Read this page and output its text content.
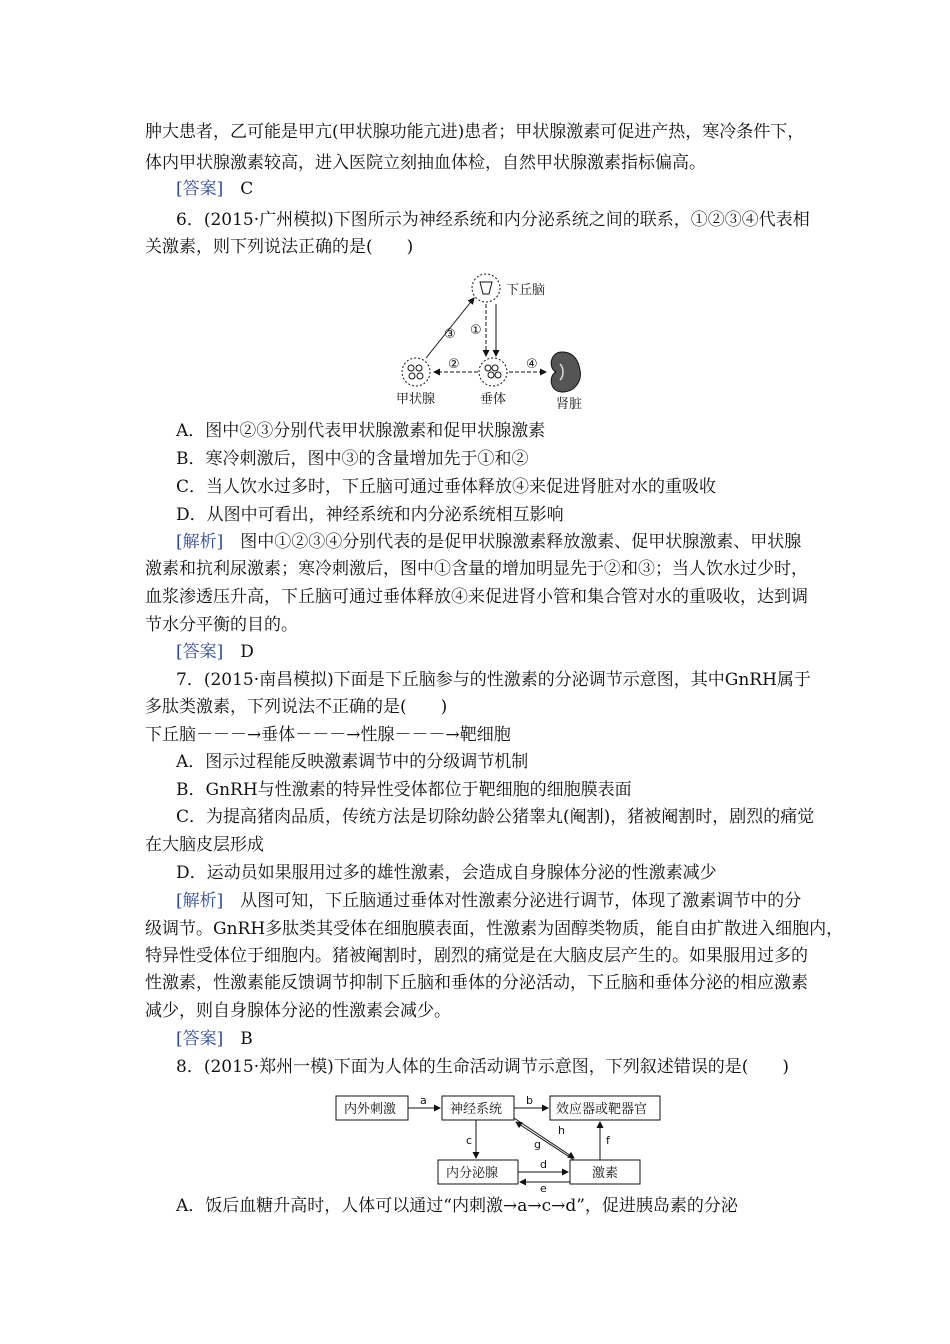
肿大患者，乙可能是甲亢(甲状腺功能亢进)患者；甲状腺激素可促进产热，寒冷条件下，
体内甲状腺激素较高，进入医院立刻抽血体检，自然甲状腺激素指标偏高。
[答案]　 C
6．(2015·广州模拟)下图所示为神经系统和内分泌系统之间的联系，①②③④代表相
关激素，则下列说法正确的是(　　)
下丘脑
垂体
甲状腺	肾脏
①
②
③
④
A．图中②③分别代表甲状腺激素和促甲状腺激素
B．寒冷刺激后，图中③的含量增加先于①和②
C．当人饮水过多时，下丘脑可通过垂体释放④来促进肾脏对水的重吸收
D．从图中可看出，神经系统和内分泌系统相互影响
[解析]　图中①②③④分别代表的是促甲状腺激素释放激素、促甲状腺激素、甲状腺
激素和抗利尿激素；寒冷刺激后，图中①含量的增加明显先于②和③；当人饮水过少时，
血浆渗透压升高，下丘脑可通过垂体释放④来促进肾小管和集合管对水的重吸收，达到调
节水分平衡的目的。
[答案]　 D
7．(2015·南昌模拟)下面是下丘脑参与的性激素的分泌调节示意图，其中GnRH属于
多肽类激素，下列说法不正确的是(　　)
下丘脑－－－→垂体－－－→性腺－－－→靶细胞
A．图示过程能反映激素调节中的分级调节机制
B．GnRH与性激素的特异性受体都位于靶细胞的细胞膜表面
C．为提高猪肉品质，传统方法是切除幼龄公猪睾丸(阉割)，猪被阉割时，剧烈的痛觉
在大脑皮层形成
D．运动员如果服用过多的雄性激素，会造成自身腺体分泌的性激素减少
[解析]　从图可知，下丘脑通过垂体对性激素分泌进行调节，体现了激素调节中的分
级调节。GnRH多肽类其受体在细胞膜表面，性激素为固醇类物质，能自由扩散进入细胞内，
特异性受体位于细胞内。猪被阉割时，剧烈的痛觉是在大脑皮层产生的。如果服用过多的
性激素，性激素能反馈调节抑制下丘脑和垂体的分泌活动，下丘脑和垂体分泌的相应激素
减少，则自身腺体分泌的性激素会减少。
[答案]　 B
8．(2015·郑州一模)下面为人体的生命活动调节示意图，下列叙述错误的是(　　)
内外刺激	神经系统	效应器或靶器官
内分泌腺	激素
a	b
c
d
e
f
g
h
A．饭后血糖升高时，人体可以通过“内刺激→a→c→d”，促进胰岛素的分泌
